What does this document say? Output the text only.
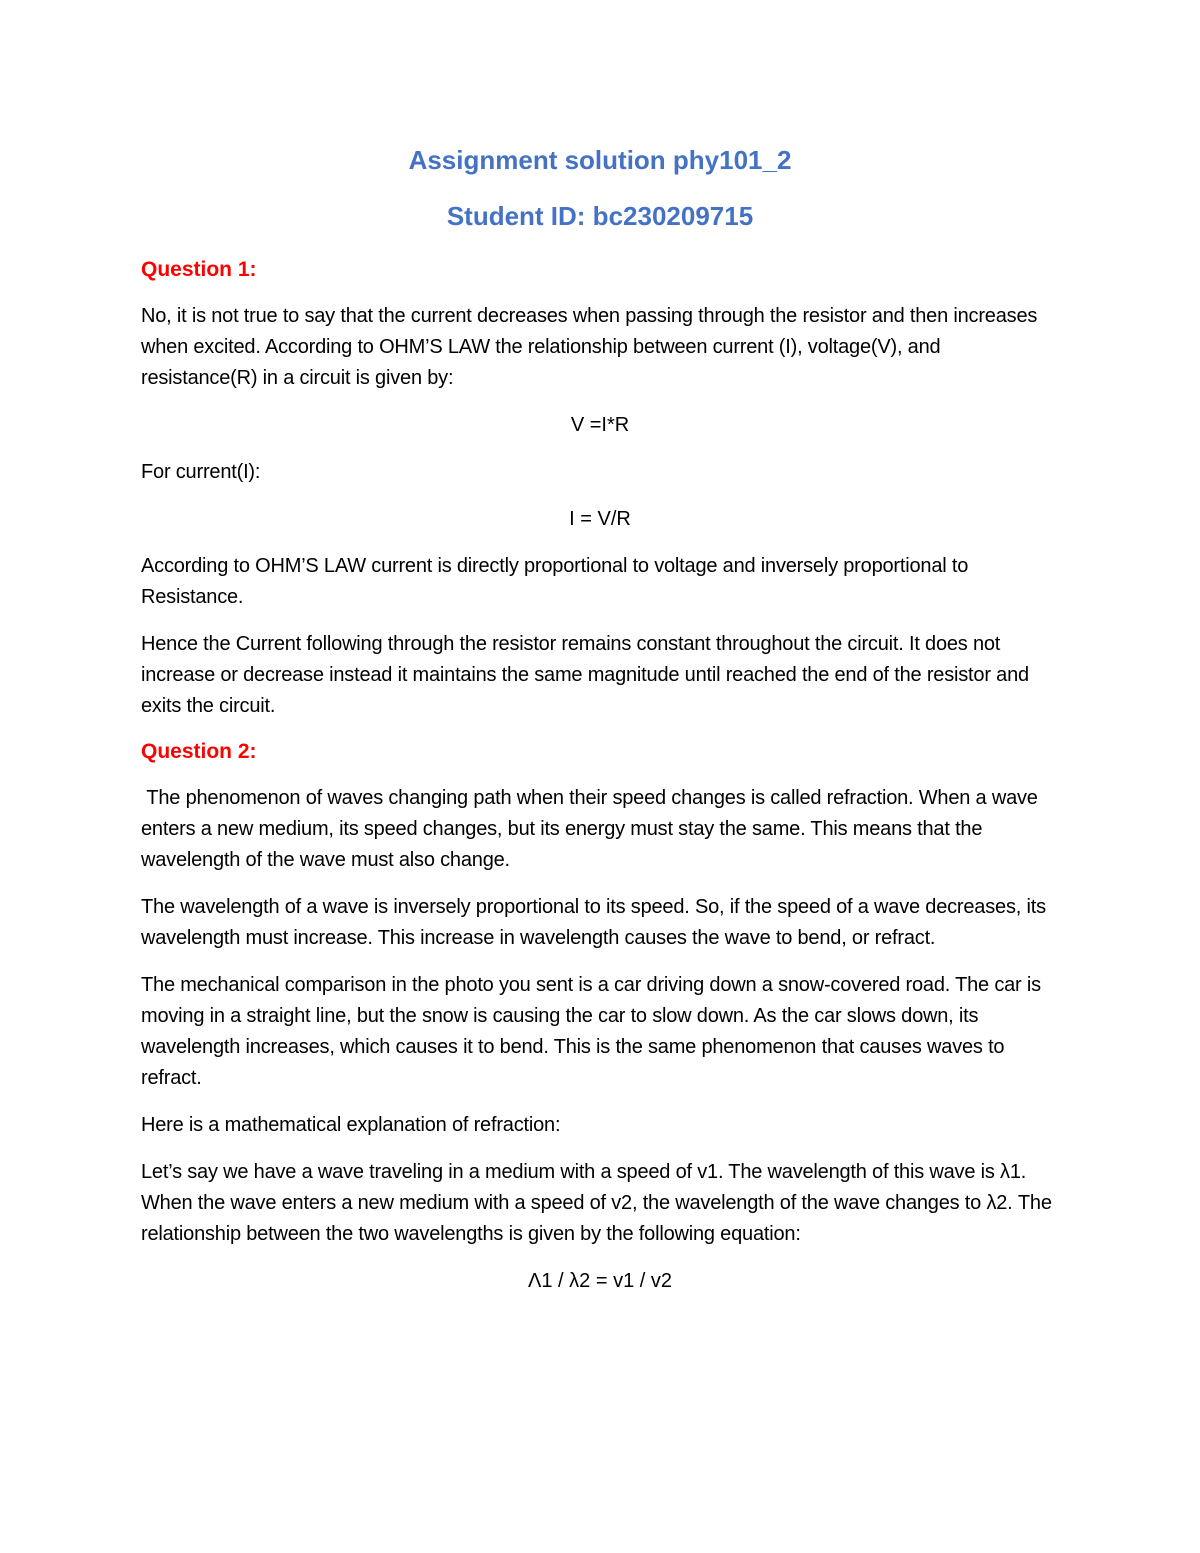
Assignment solution phy101_2
Student ID: bc230209715
Question 1:

No, it is not true to say that the current decreases when passing through the resistor and then increases when excited. According to OHM’S LAW the relationship between current (I), voltage(V), and resistance(R) in a circuit is given by:

V =I*R

For current(I):

I = V/R

According to OHM’S LAW current is directly proportional to voltage and inversely proportional to Resistance.

Hence the Current following through the resistor remains constant throughout the circuit. It does not increase or decrease instead it maintains the same magnitude until reached the end of the resistor and exits the circuit.

Question 2:

The phenomenon of waves changing path when their speed changes is called refraction. When a wave enters a new medium, its speed changes, but its energy must stay the same. This means that the wavelength of the wave must also change.

The wavelength of a wave is inversely proportional to its speed. So, if the speed of a wave decreases, its wavelength must increase. This increase in wavelength causes the wave to bend, or refract.

The mechanical comparison in the photo you sent is a car driving down a snow-covered road. The car is moving in a straight line, but the snow is causing the car to slow down. As the car slows down, its wavelength increases, which causes it to bend. This is the same phenomenon that causes waves to refract.

Here is a mathematical explanation of refraction:

Let’s say we have a wave traveling in a medium with a speed of v1. The wavelength of this wave is λ1. When the wave enters a new medium with a speed of v2, the wavelength of the wave changes to λ2. The relationship between the two wavelengths is given by the following equation:

Λ1 / λ2 = v1 / v2
